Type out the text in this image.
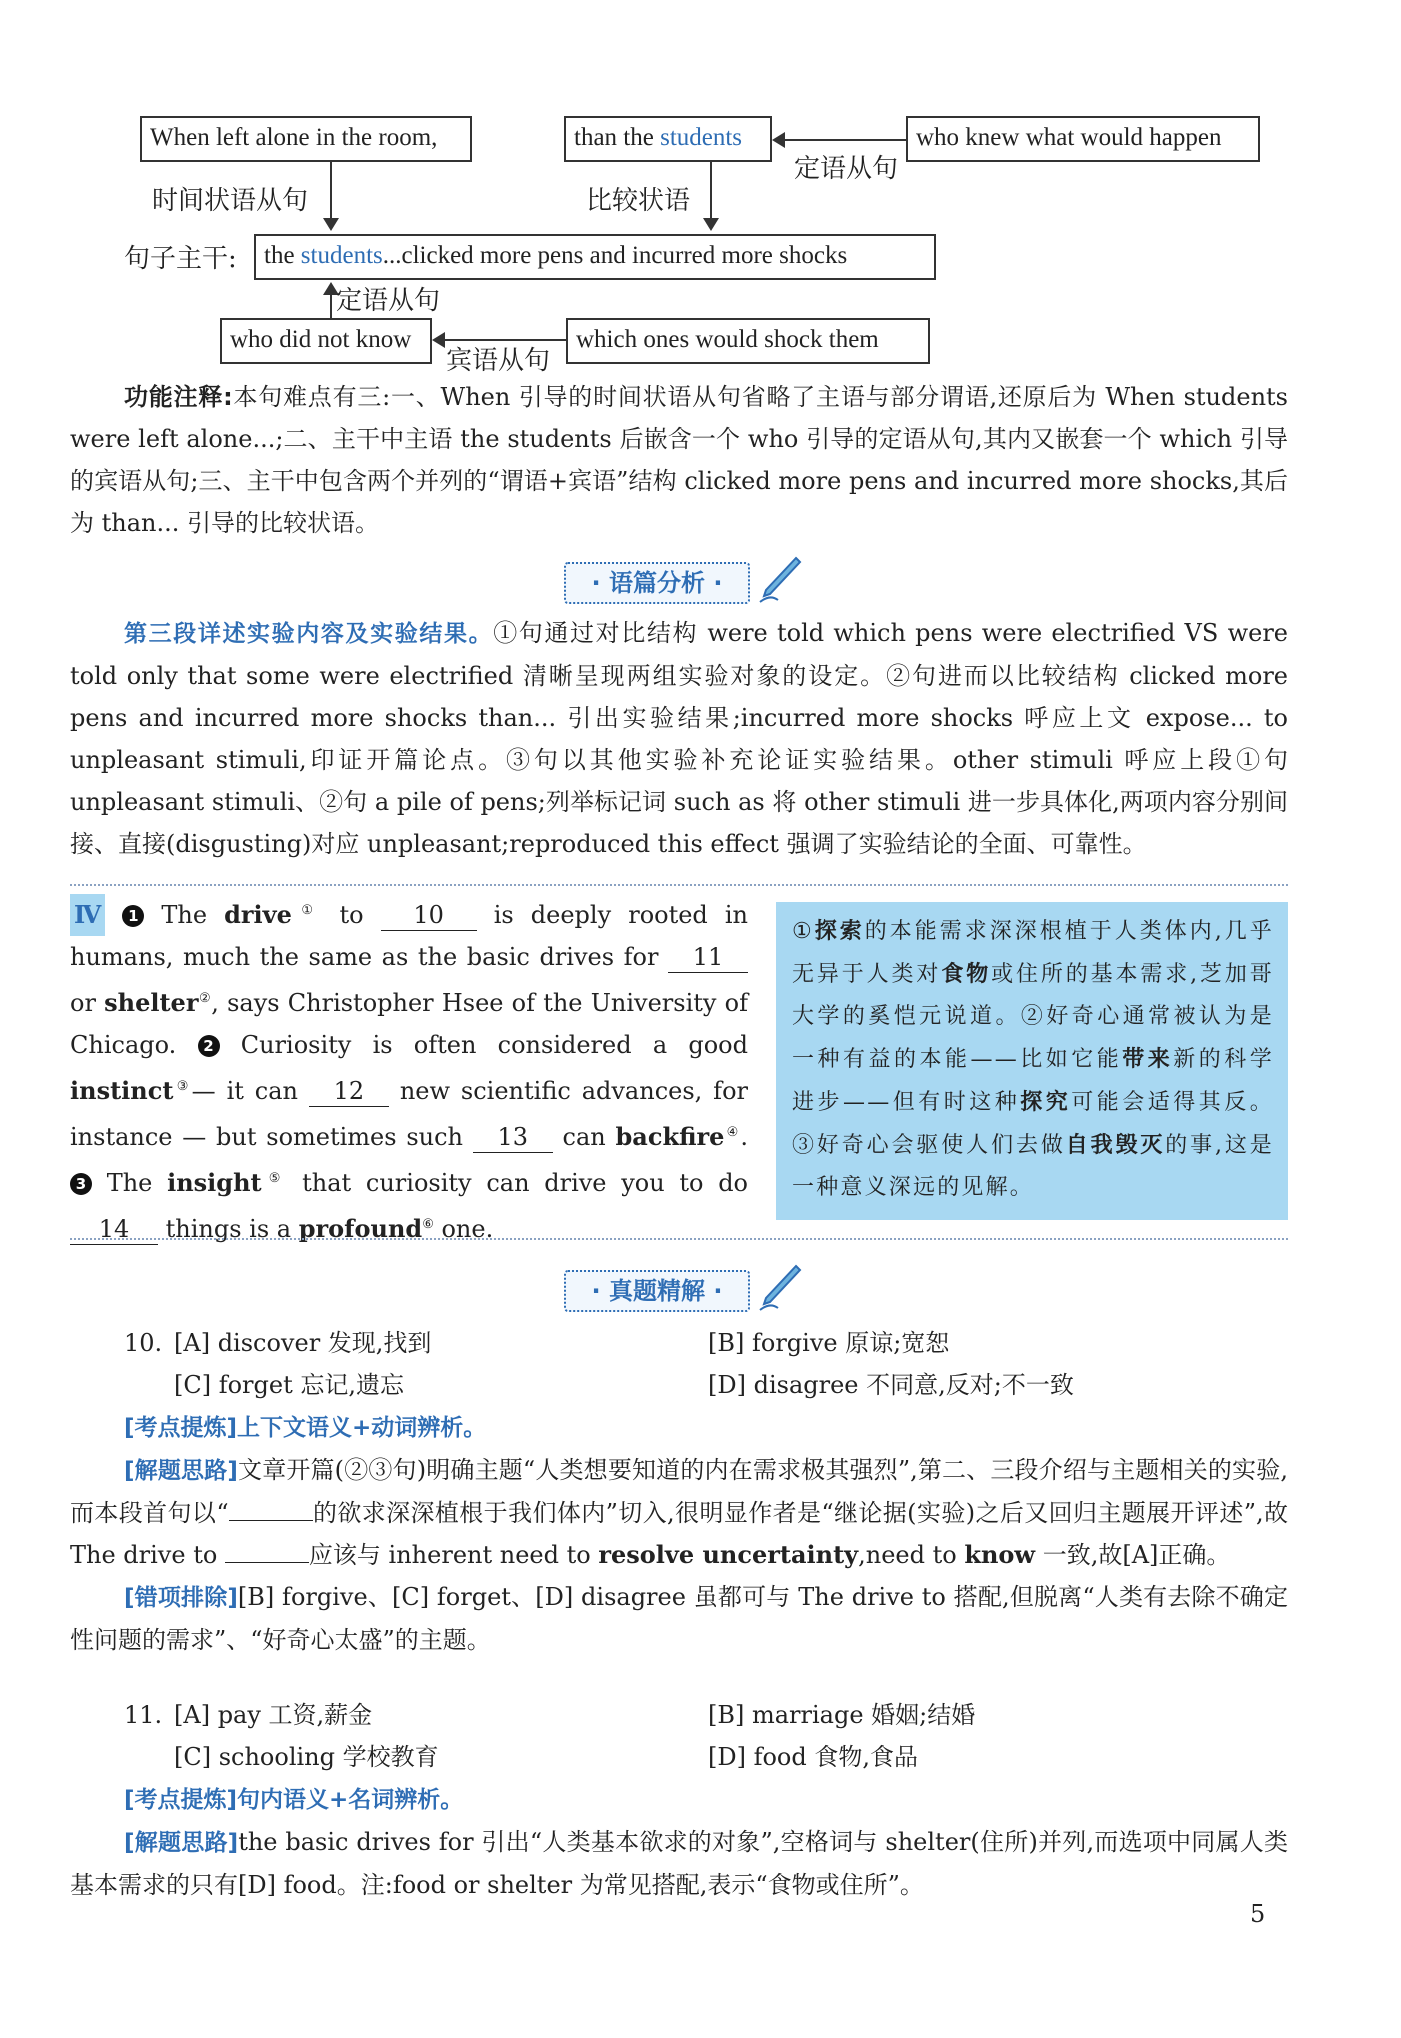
When left alone in the room,	than the students	who knew what would happen
定语从句
时间状语从句	比较状语
句子主干:	the students...clicked more pens and incurred more shocks
定语从句
who did not know	which ones would shock them
宾语从句

功能注释:本句难点有三:一、When 引导的时间状语从句省略了主语与部分谓语,还原后为 When students were left alone...;二、主干中主语 the students 后嵌含一个 who 引导的定语从句,其内又嵌套一个 which 引导的宾语从句;三、主干中包含两个并列的“谓语+宾语”结构 clicked more pens and incurred more shocks,其后为 than... 引导的比较状语。

· 语篇分析 ·

第三段详述实验内容及实验结果。①句通过对比结构 were told which pens were electrified VS were told only that some were electrified 清晰呈现两组实验对象的设定。②句进而以比较结构 clicked more pens and incurred more shocks than... 引出实验结果;incurred more shocks 呼应上文 expose... to unpleasant stimuli,印证开篇论点。③句以其他实验补充论证实验结果。other stimuli 呼应上段①句 unpleasant stimuli、②句 a pile of pens;列举标记词 such as 将 other stimuli 进一步具体化,两项内容分别间接、直接(disgusting)对应 unpleasant;reproduced this effect 强调了实验结论的全面、可靠性。

Ⅳ 1 The drive① to 10 is deeply rooted in humans, much the same as the basic drives for 11 or shelter②, says Christopher Hsee of the University of Chicago. 2 Curiosity is often considered a good instinct③— it can 12 new scientific advances, for instance — but sometimes such 13 can backfire④. 3 The insight⑤ that curiosity can drive you to do 14 things is a profound⑥ one.
①探索的本能需求深深根植于人类体内,几乎无异于人类对食物或住所的基本需求,芝加哥大学的奚恺元说道。②好奇心通常被认为是一种有益的本能——比如它能带来新的科学进步——但有时这种探究可能会适得其反。③好奇心会驱使人们去做自我毁灭的事,这是一种意义深远的见解。
· 真题精解 ·
10. [A] discover 发现,找到	[B] forgive 原谅;宽恕
[C] forget 忘记,遗忘	[D] disagree 不同意,反对;不一致

[考点提炼]上下文语义+动词辨析。

[解题思路]文章开篇(②③句)明确主题“人类想要知道的内在需求极其强烈”,第二、三段介绍与主题相关的实验,而本段首句以“	的欲求深深植根于我们体内”切入,很明显作者是“继论据(实验)之后又回归主题展开评述”,故 The drive to	应该与 inherent need to resolve uncertainty,need to know 一致,故[A]正确。

[错项排除][B] forgive、[C] forget、[D] disagree 虽都可与 The drive to 搭配,但脱离“人类有去除不确定性问题的需求”、“好奇心太盛”的主题。

11. [A] pay 工资,薪金	[B] marriage 婚姻;结婚
[C] schooling 学校教育	[D] food 食物,食品

[考点提炼]句内语义+名词辨析。

[解题思路]the basic drives for 引出“人类基本欲求的对象”,空格词与 shelter(住所)并列,而选项中同属人类基本需求的只有[D] food。注:food or shelter 为常见搭配,表示“食物或住所”。

5
